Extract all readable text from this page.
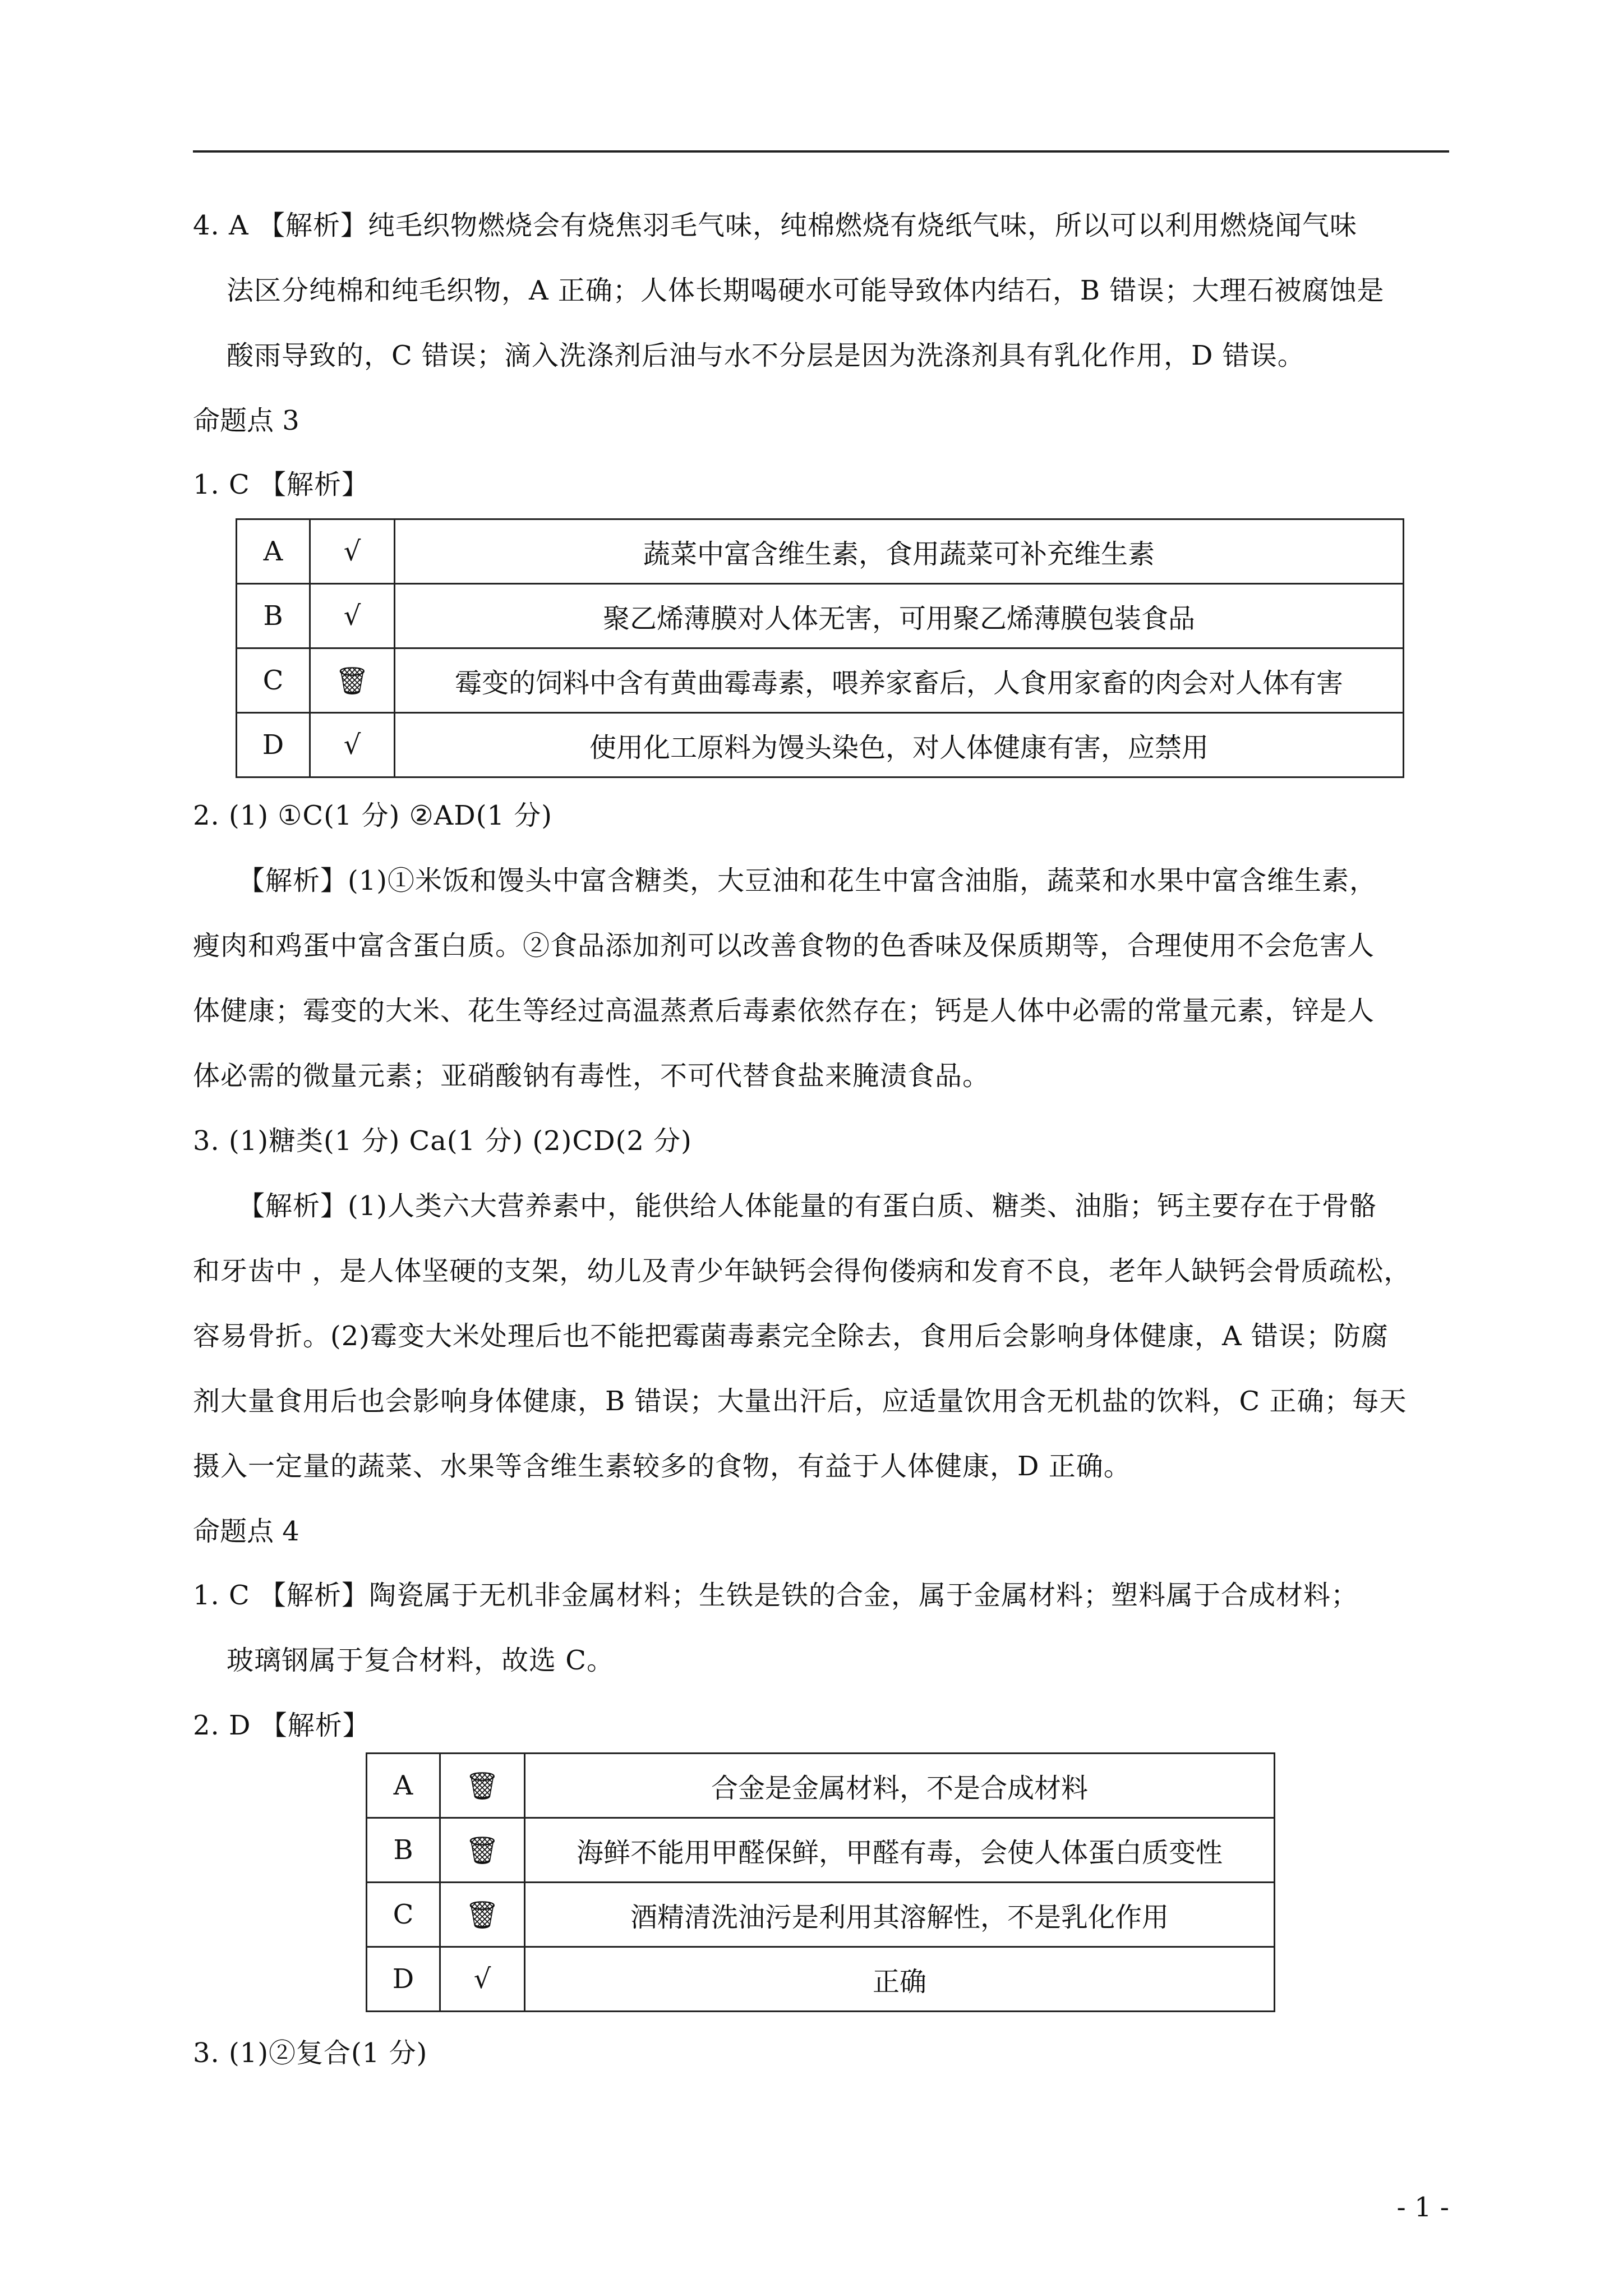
4. A 【解析】纯毛织物燃烧会有烧焦羽毛气味，纯棉燃烧有烧纸气味，所以可以利用燃烧闻气味
法区分纯棉和纯毛织物，A 正确；人体长期喝硬水可能导致体内结石，B 错误；大理石被腐蚀是
酸雨导致的，C 错误；滴入洗涤剂后油与水不分层是因为洗涤剂具有乳化作用，D 错误。
命题点 3
1. C 【解析】
A	√	蔬菜中富含维生素，食用蔬菜可补充维生素
B	√	聚乙烯薄膜对人体无害，可用聚乙烯薄膜包装食品
C	🗑	霉变的饲料中含有黄曲霉毒素，喂养家畜后，人食用家畜的肉会对人体有害
D	√	使用化工原料为馒头染色，对人体健康有害，应禁用
2. (1) ①C(1 分) ②AD(1 分)
【解析】(1)①米饭和馒头中富含糖类，大豆油和花生中富含油脂，蔬菜和水果中富含维生素，
瘦肉和鸡蛋中富含蛋白质。②食品添加剂可以改善食物的色香味及保质期等，合理使用不会危害人
体健康；霉变的大米、花生等经过高温蒸煮后毒素依然存在；钙是人体中必需的常量元素，锌是人
体必需的微量元素；亚硝酸钠有毒性，不可代替食盐来腌渍食品。
3. (1)糖类(1 分) Ca(1 分) (2)CD(2 分)
【解析】(1)人类六大营养素中，能供给人体能量的有蛋白质、糖类、油脂；钙主要存在于骨骼
和牙齿中 ，是人体坚硬的支架，幼儿及青少年缺钙会得佝偻病和发育不良，老年人缺钙会骨质疏松，
容易骨折。(2)霉变大米处理后也不能把霉菌毒素完全除去，食用后会影响身体健康，A 错误；防腐
剂大量食用后也会影响身体健康，B 错误；大量出汗后，应适量饮用含无机盐的饮料，C 正确；每天
摄入一定量的蔬菜、水果等含维生素较多的食物，有益于人体健康，D 正确。
命题点 4
1. C 【解析】陶瓷属于无机非金属材料；生铁是铁的合金，属于金属材料；塑料属于合成材料；
玻璃钢属于复合材料，故选 C。
2. D 【解析】
A	🗑	合金是金属材料，不是合成材料
B	🗑	海鲜不能用甲醛保鲜，甲醛有毒，会使人体蛋白质变性
C	🗑	酒精清洗油污是利用其溶解性，不是乳化作用
D	√	正确
3. (1)②复合(1 分)
- 1 -
